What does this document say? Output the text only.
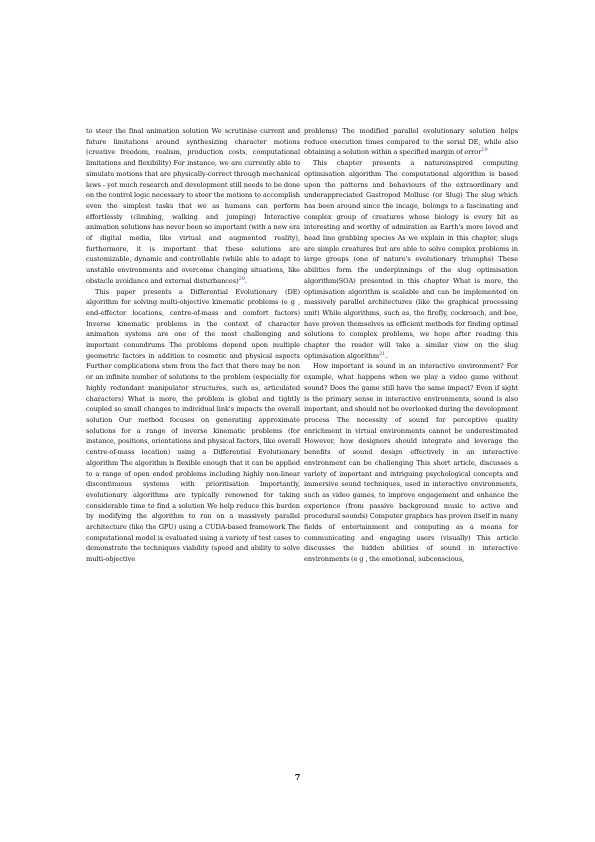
to steer the final animation solution We scrutinise current and future limitations around synthesizing character motions (creative freedom, realism, production costs, computational limitations and flexibility) For instance, we are currently able to simulate motions that are physically-correct through mechanical laws - yet much research and development still needs to be done on the control logic necessary to steer the motions to accomplish even the simplest tasks that we as humans can perform effortlessly (climbing, walking and jumping) Interactive animation solutions has never been so important (with a new era of digital media, like virtual and augmented reality), furthermore, it is important that these solutions are customizable, dynamic and controllable (while able to adapt to unstable environments and overcome changing situations, like obstacle avoidance and external disturbances)$^{20}$.

This paper presents a Differential Evolutionary (DE) algorithm for solving multi-objective kinematic problems (e g , end-effector locations, centre-of-mass and comfort factors) Inverse kinematic problems in the context of character animation systems are one of the most challenging and important conundrums The problems depend upon multiple geometric factors in addition to cosmetic and physical aspects Further complications stem from the fact that there may be non or an infinite number of solutions to the problem (especially for highly redundant manipulator structures, such as, articulated characters) What is more, the problem is global and tightly coupled so small changes to individual link's impacts the overall solution Our method focuses on generating approximate solutions for a range of inverse kinematic problems (for instance, positions, orientations and physical factors, like overall centre-of-mass location) using a Differential Evolutionary algorithm The algorithm is flexible enough that it can be applied to a range of open ended problems including highly non-linear discontinuous systems with prioritisation Importantly, evolutionary algorithms are typically renowned for taking considerable time to find a solution We help reduce this burden by modifying the algorithm to run on a massively parallel architecture (like the GPU) using a CUDA-based framework The computational model is evaluated using a variety of test cases to demonstrate the techniques viability (speed and ability to solve multi-objective

problems) The modified parallel evolutionary solution helps reduce execution times compared to the serial DE, while also obtaining a solution within a specified margin of error$^{19}$

This chapter presents a natureinspired computing optimisation algorithm The computational algorithm is based upon the patterns and behaviours of the extraordinary and underappreciated Gastropod Mollusc (or Slug) The slug which has been around since the incage, belongs to a fascinating and complex group of creatures whose biology is every bit as interesting and worthy of admiration as Earth's more loved and head line grabbing species As we explain in this chapter, slugs are simple creatures but are able to solve complex problems in large groups (one of nature's evolutionary triumphs) These abilities form the underpinnings of the slug optimisation algorithm(SOA) presented in this chapter What is more, the optimisation algorithm is scalable and can be implemented on massively parallel architectures (like the graphical processing unit) While algorithms, such as, the firefly, cockroach, and bee, have proven themselves as efficient methods for finding optimal solutions to complex problems, we hope after reading this chapter the reader will take a similar view on the slug optimisation algorithm$^{21}$.

How important is sound in an interactive environment? For example, what happens when we play a video game without sound? Does the game still have the same impact? Even if sight is the primary sense in interactive environments, sound is also important, and should not be overlooked during the development process The necessity of sound for perceptive quality enrichment in virtual environments cannot be underestimated However, how designers should integrate and leverage the benefits of sound design effectively in an interactive environment can be challenging This short article, discusses a variety of important and intriguing psychological concepts and immersive sound techniques, used in interactive environments, such as video games, to improve engagement and enhance the experience (from passive background music to active and procedural sounds) Computer graphics has proven itself in many fields of entertainment and computing as a means for communicating and engaging users (visually) This article discusses the hidden abilities of sound in interactive environments (e g , the emotional, subconscious,

7
